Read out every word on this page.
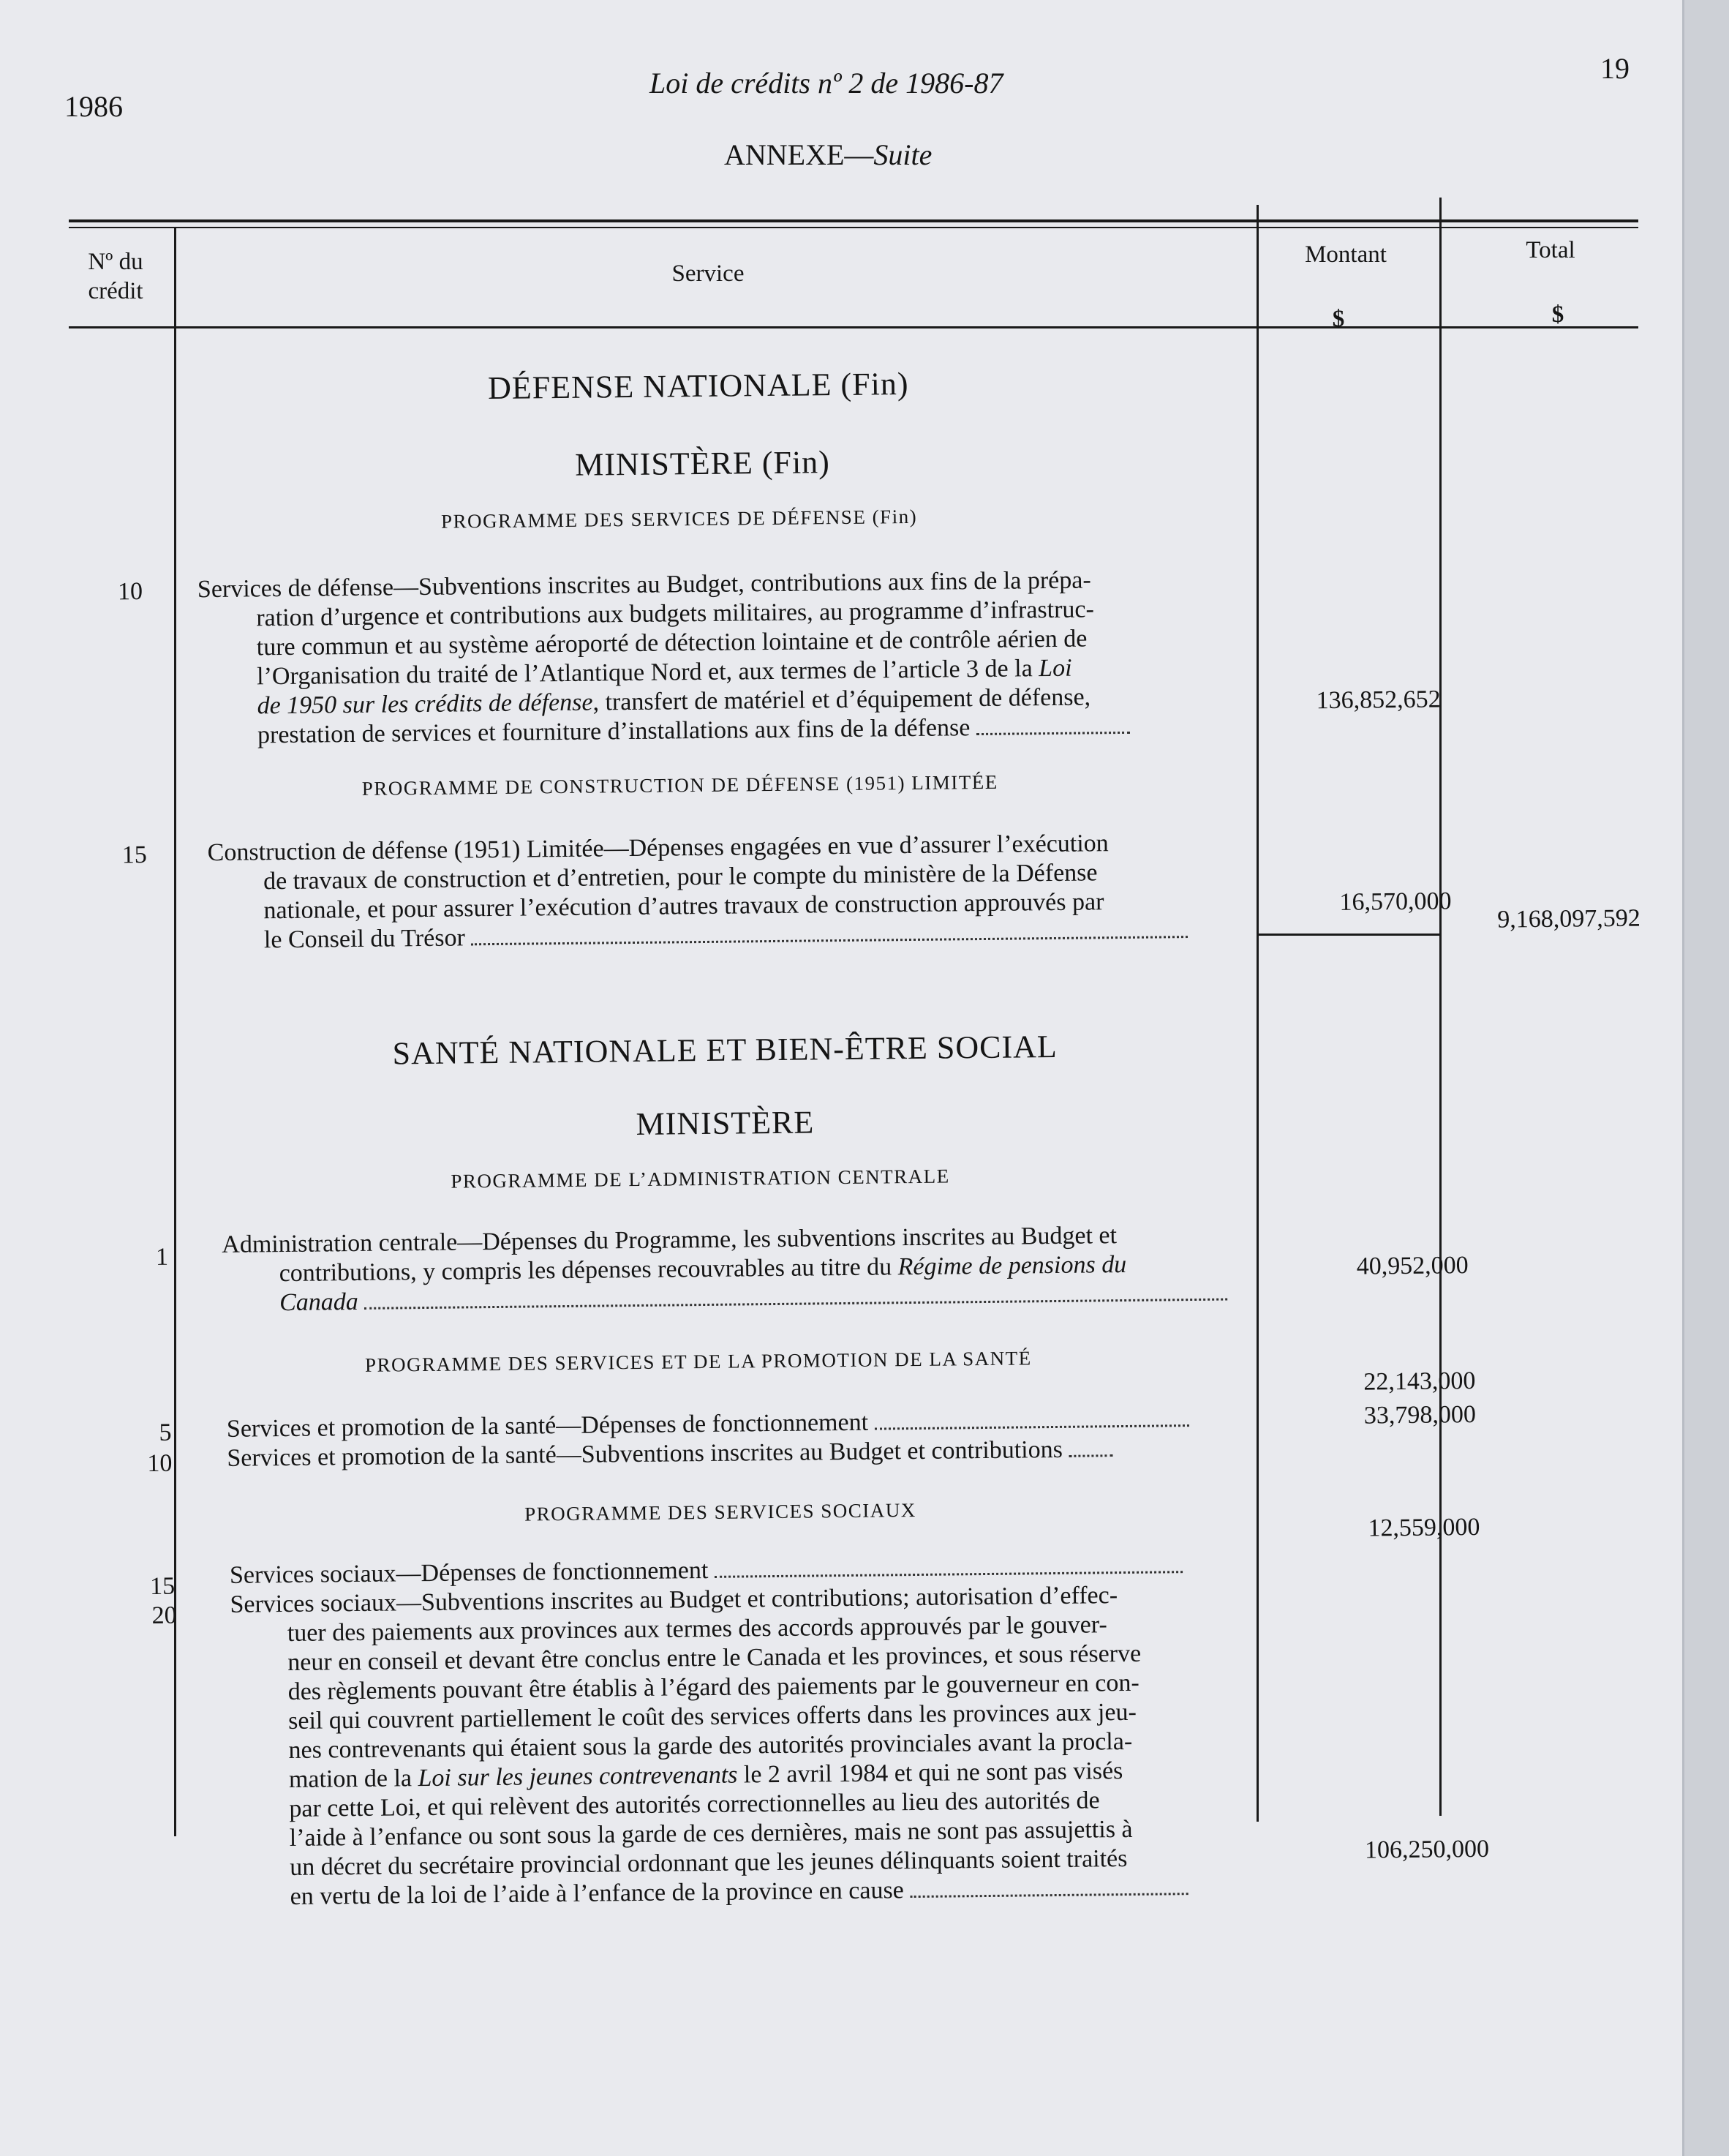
1986
Loi de crédits nº 2 de 1986-87	19
ANNEXE—Suite
Nº du
crédit
Service
Montant	Total
$	$
DÉFENSE NATIONALE (Fin)
MINISTÈRE (Fin)
PROGRAMME DES SERVICES DE DÉFENSE (Fin)
10	Services de défense—Subventions inscrites au Budget, contributions aux fins de la prépa-
ration d’urgence et contributions aux budgets militaires, au programme d’infrastruc-
ture commun et au système aéroporté de détection lointaine et de contrôle aérien de
l’Organisation du traité de l’Atlantique Nord et, aux termes de l’article 3 de la Loi
de 1950 sur les crédits de défense, transfert de matériel et d’équipement de défense,
prestation de services et fourniture d’installations aux fins de la défense
136,852,652
PROGRAMME DE CONSTRUCTION DE DÉFENSE (1951) LIMITÉE
15	Construction de défense (1951) Limitée—Dépenses engagées en vue d’assurer l’exécution
de travaux de construction et d’entretien, pour le compte du ministère de la Défense
nationale, et pour assurer l’exécution d’autres travaux de construction approuvés par
le Conseil du Trésor
16,570,000
9,168,097,592
SANTÉ NATIONALE ET BIEN-ÊTRE SOCIAL
MINISTÈRE
PROGRAMME DE L’ADMINISTRATION CENTRALE
1	Administration centrale—Dépenses du Programme, les subventions inscrites au Budget et
contributions, y compris les dépenses recouvrables au titre du Régime de pensions du
Canada
40,952,000
PROGRAMME DES SERVICES ET DE LA PROMOTION DE LA SANTÉ
5	Services et promotion de la santé—Dépenses de fonctionnement
22,143,000
10	Services et promotion de la santé—Subventions inscrites au Budget et contributions
33,798,000
PROGRAMME DES SERVICES SOCIAUX
15	Services sociaux—Dépenses de fonctionnement
12,559,000
20	Services sociaux—Subventions inscrites au Budget et contributions; autorisation d’effec-
tuer des paiements aux provinces aux termes des accords approuvés par le gouver-
neur en conseil et devant être conclus entre le Canada et les provinces, et sous réserve
des règlements pouvant être établis à l’égard des paiements par le gouverneur en con-
seil qui couvrent partiellement le coût des services offerts dans les provinces aux jeu-
nes contrevenants qui étaient sous la garde des autorités provinciales avant la procla-
mation de la Loi sur les jeunes contrevenants le 2 avril 1984 et qui ne sont pas visés
par cette Loi, et qui relèvent des autorités correctionnelles au lieu des autorités de
l’aide à l’enfance ou sont sous la garde de ces dernières, mais ne sont pas assujettis à
un décret du secrétaire provincial ordonnant que les jeunes délinquants soient traités
en vertu de la loi de l’aide à l’enfance de la province en cause
106,250,000
